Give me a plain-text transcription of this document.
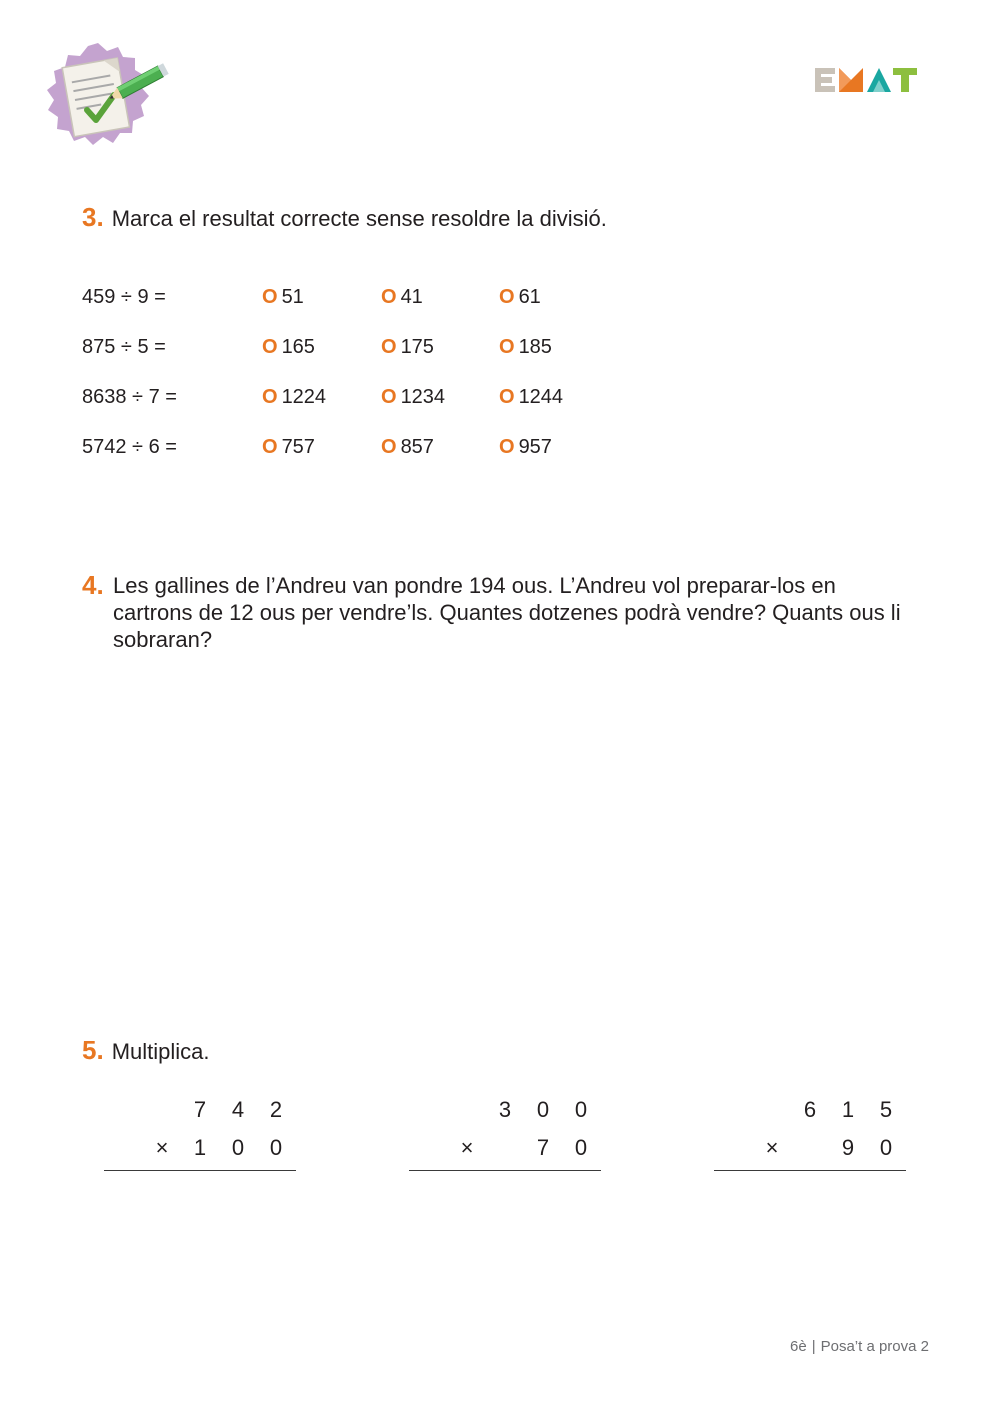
3. Marca el resultat correcte sense resoldre la divisió.
459 ÷ 9 =	O 51	O 41	O 61
875 ÷ 5 =	O 165	O 175	O 185
8638 ÷ 7 =	O 1224	O 1234	O 1244
5742 ÷ 6 =	O 757	O 857	O 957
4. Les gallines de l’Andreu van pondre 194 ous. L’Andreu vol preparar-los en cartrons de 12 ous per vendre’ls. Quantes dotzenes podrà vendre? Quants ous li sobraran?
5. Multiplica.
7 4 2
× 1 0 0
3 0 0
×	7 0
6 1 5
×	9 0
6è | Posa’t a prova 2
